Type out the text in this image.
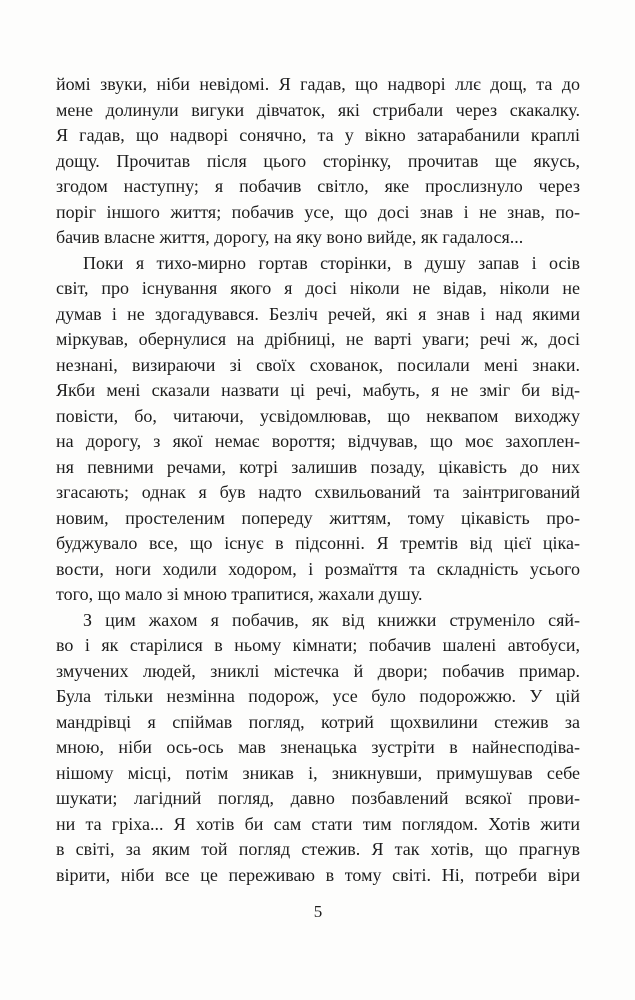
йомі звуки, ніби невідомі. Я гадав, що надворі ллє дощ, та до
мене долинули вигуки дівчаток, які стрибали через скакалку.
Я гадав, що надворі сонячно, та у вікно затарабанили краплі
дощу. Прочитав після цього сторінку, прочитав ще якусь,
згодом наступну; я побачив світло, яке прослизнуло через
поріг іншого життя; побачив усе, що досі знав і не знав, по-
бачив власне життя, дорогу, на яку воно вийде, як гадалося...
Поки я тихо-мирно гортав сторінки, в душу запав і осів
світ, про існування якого я досі ніколи не відав, ніколи не
думав і не здогадувався. Безліч речей, які я знав і над якими
міркував, обернулися на дрібниці, не варті уваги; речі ж, досі
незнані, визираючи зі своїх схованок, посилали мені знаки.
Якби мені сказали назвати ці речі, мабуть, я не зміг би від-
повісти, бо, читаючи, усвідомлював, що неквапом виходжу
на дорогу, з якої немає вороття; відчував, що моє захоплен-
ня певними речами, котрі залишив позаду, цікавість до них
згасають; однак я був надто схвильований та заінтригований
новим, простеленим попереду життям, тому цікавість про-
буджувало все, що існує в підсонні. Я тремтів від цієї ціка-
вости, ноги ходили ходором, і розмаїття та складність усього
того, що мало зі мною трапитися, жахали душу.
З цим жахом я побачив, як від книжки струменіло сяй-
во і як старілися в ньому кімнати; побачив шалені автобуси,
змучених людей, зниклі містечка й двори; побачив примар.
Була тільки незмінна подорож, усе було подорожжю. У цій
мандрівці я спіймав погляд, котрий щохвилини стежив за
мною, ніби ось-ось мав зненацька зустріти в найнесподіва-
нішому місці, потім зникав і, зникнувши, примушував себе
шукати; лагідний погляд, давно позбавлений всякої прови-
ни та гріха... Я хотів би сам стати тим поглядом. Хотів жити
в світі, за яким той погляд стежив. Я так хотів, що прагнув
вірити, ніби все це переживаю в тому світі. Ні, потреби віри
5
